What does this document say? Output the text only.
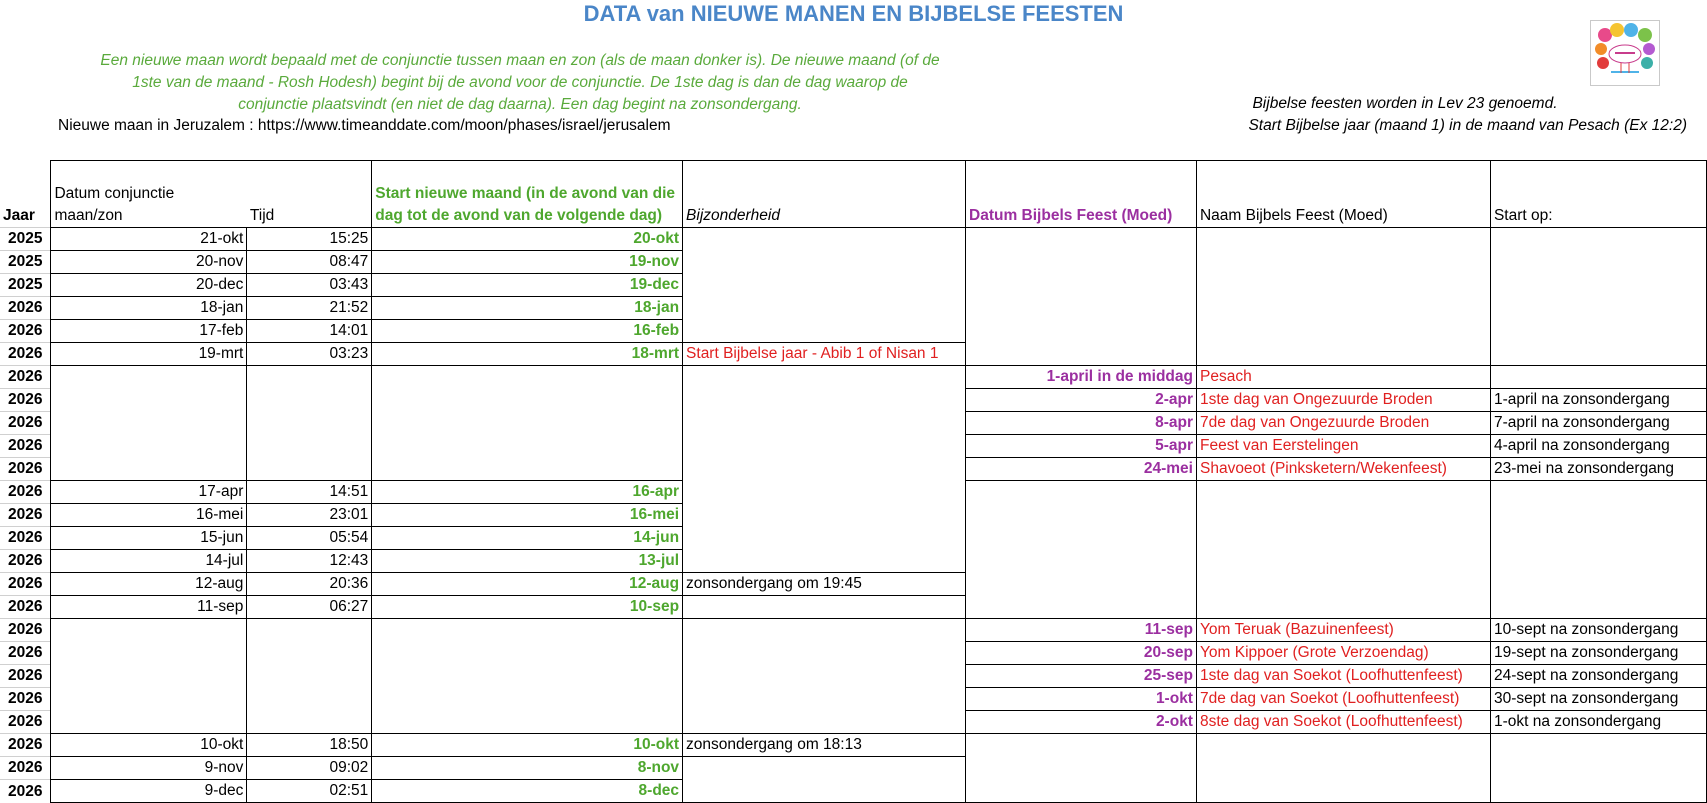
DATA van NIEUWE MANEN EN BIJBELSE FEESTEN
Een nieuwe maan wordt bepaald met de conjunctie tussen maan en zon (als de maan donker is). De nieuwe maand (of de
1ste van de maand - Rosh Hodesh) begint bij de avond voor de conjunctie. De 1ste dag is dan de dag waarop de
conjunctie plaatsvindt (en niet de dag daarna). Een dag begint na zonsondergang.
Nieuwe maan in Jeruzalem : https://www.timeanddate.com/moon/phases/israel/jerusalem
Bijbelse feesten worden in Lev 23 genoemd.
Start Bijbelse jaar (maand 1) in de maand van Pesach (Ex 12:2)
Jaar	Datum conjunctie maan/zon	Tijd	Start nieuwe maand (in de avond van die dag tot de avond van de volgende dag)	Bijzonderheid	Datum Bijbels Feest (Moed)	Naam Bijbels Feest (Moed)	Start op:
2025	21-okt	15:25	20-okt				
2025	20-nov	08:47	19-nov				
2025	20-dec	03:43	19-dec				
2026	18-jan	21:52	18-jan				
2026	17-feb	14:01	16-feb				
2026	19-mrt	03:23	18-mrt	Start Bijbelse jaar - Abib 1 of Nisan 1			
2026					1-april in de middag	Pesach	
2026					2-apr	1ste dag van Ongezuurde Broden	1-april na zonsondergang
2026					8-apr	7de dag van Ongezuurde Broden	7-april na zonsondergang
2026					5-apr	Feest van Eerstelingen	4-april na zonsondergang
2026					24-mei	Shavoeot (Pinksketern/Wekenfeest)	23-mei na zonsondergang
2026	17-apr	14:51	16-apr				
2026	16-mei	23:01	16-mei				
2026	15-jun	05:54	14-jun				
2026	14-jul	12:43	13-jul				
2026	12-aug	20:36	12-aug	zonsondergang om 19:45			
2026	11-sep	06:27	10-sep				
2026					11-sep	Yom Teruak (Bazuinenfeest)	10-sept na zonsondergang
2026					20-sep	Yom Kippoer (Grote Verzoendag)	19-sept na zonsondergang
2026					25-sep	1ste dag van Soekot (Loofhuttenfeest)	24-sept na zonsondergang
2026					1-okt	7de dag van Soekot (Loofhuttenfeest)	30-sept na zonsondergang
2026					2-okt	8ste dag van Soekot (Loofhuttenfeest)	1-okt na zonsondergang
2026	10-okt	18:50	10-okt	zonsondergang om 18:13			
2026	9-nov	09:02	8-nov				
2026	9-dec	02:51	8-dec				
